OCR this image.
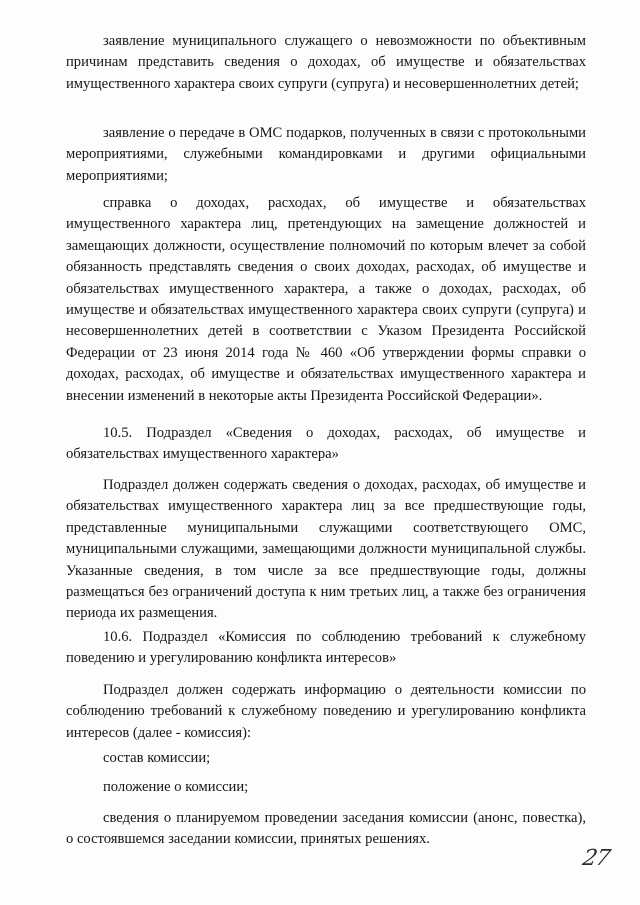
заявление муниципального служащего о невозможности по объективным причинам представить сведения о доходах, об имуществе и обязательствах имущественного характера своих супруги (супруга) и несовершеннолетних детей;

заявление о передаче в ОМС подарков, полученных в связи с протокольными мероприятиями, служебными командировками и другими официальными мероприятиями;

справка о доходах, расходах, об имуществе и обязательствах имущественного характера лиц, претендующих на замещение должностей и замещающих должности, осуществление полномочий по которым влечет за собой обязанность представлять сведения о своих доходах, расходах, об имуществе и обязательствах имущественного характера, а также о доходах, расходах, об имуществе и обязательствах имущественного характера своих супруги (супруга) и несовершеннолетних детей в соответствии с Указом Президента Российской Федерации от 23 июня 2014 года № 460 «Об утверждении формы справки о доходах, расходах, об имуществе и обязательствах имущественного характера и внесении изменений в некоторые акты Президента Российской Федерации».

10.5. Подраздел «Сведения о доходах, расходах, об имуществе и обязательствах имущественного характера»

Подраздел должен содержать сведения о доходах, расходах, об имуществе и обязательствах имущественного характера лиц за все предшествующие годы, представленные муниципальными служащими соответствующего ОМС, муниципальными служащими, замещающими должности муниципальной службы. Указанные сведения, в том числе за все предшествующие годы, должны размещаться без ограничений доступа к ним третьих лиц, а также без ограничения периода их размещения.

10.6. Подраздел «Комиссия по соблюдению требований к служебному поведению и урегулированию конфликта интересов»

Подраздел должен содержать информацию о деятельности комиссии по соблюдению требований к служебному поведению и урегулированию конфликта интересов (далее - комиссия):

состав комиссии;

положение о комиссии;

сведения о планируемом проведении заседания комиссии (анонс, повестка), о состоявшемся заседании комиссии, принятых решениях.

27
